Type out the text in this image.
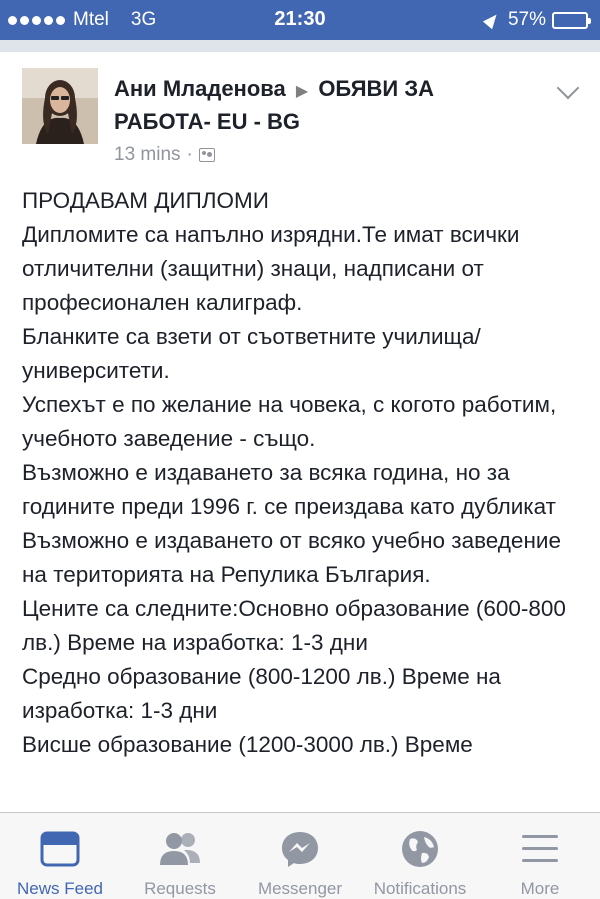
Mtel 3G	21:30	57%
Ани Младенова ▶ ОБЯВИ ЗА РАБОТА- EU - BG
13 mins ·

ПРОДАВАМ ДИПЛОМИ

Дипломите са напълно изрядни.Те имат всички отличителни (защитни) знаци, надписани от професионален калиграф.

Бланките са взети от съответните училища/университети.

Успехът е по желание на човека, с когото работим, учебното заведение - също.

Възможно е издаването за всяка година, но за годините преди 1996 г. се преиздава като дубликат

Възможно е издаването от всяко учебно заведение на територията на Репулика България.

Цените са следните:Основно образование (600-800 лв.) Време на изработка: 1-3 дни

Средно образование (800-1200 лв.) Време на изработка: 1-3 дни

Висше образование (1200-3000 лв.) Време

News Feed Requests Messenger Notifications	More
